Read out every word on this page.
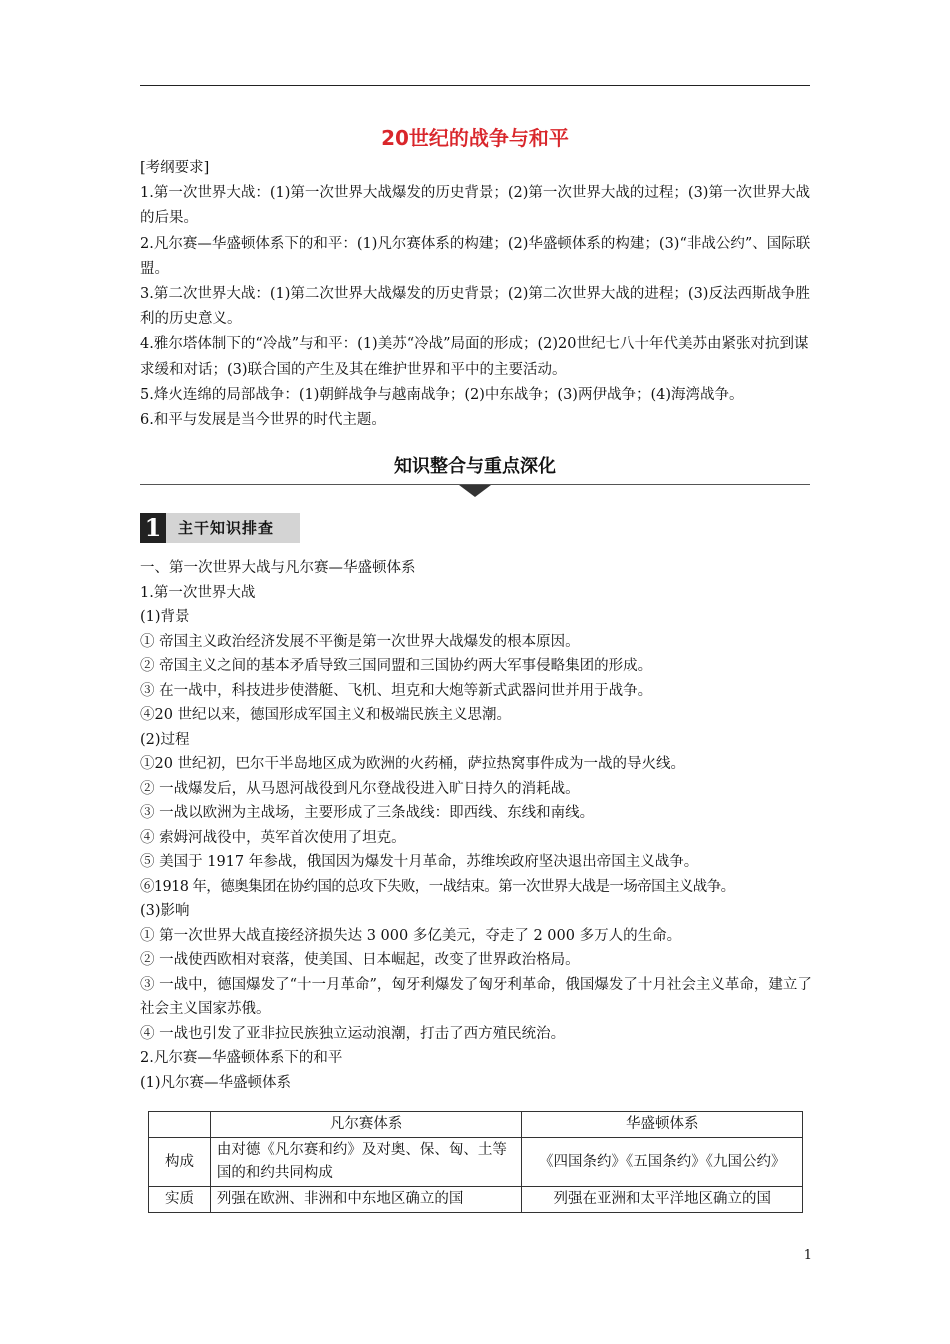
20世纪的战争与和平

[考纲要求]

1.第一次世界大战：(1)第一次世界大战爆发的历史背景；(2)第一次世界大战的过程；(3)第一次世界大战的后果。

2.凡尔赛—华盛顿体系下的和平：(1)凡尔赛体系的构建；(2)华盛顿体系的构建；(3)“非战公约”、国际联盟。

3.第二次世界大战：(1)第二次世界大战爆发的历史背景；(2)第二次世界大战的进程；(3)反法西斯战争胜利的历史意义。

4.雅尔塔体制下的“冷战”与和平：(1)美苏“冷战”局面的形成；(2)20世纪七八十年代美苏由紧张对抗到谋求缓和对话；(3)联合国的产生及其在维护世界和平中的主要活动。

5.烽火连绵的局部战争：(1)朝鲜战争与越南战争；(2)中东战争；(3)两伊战争；(4)海湾战争。

6.和平与发展是当今世界的时代主题。

知识整合与重点深化
1	主干知识排查

一、第一次世界大战与凡尔赛—华盛顿体系

1.第一次世界大战

(1)背景

① 帝国主义政治经济发展不平衡是第一次世界大战爆发的根本原因。

② 帝国主义之间的基本矛盾导致三国同盟和三国协约两大军事侵略集团的形成。

③ 在一战中，科技进步使潜艇、飞机、坦克和大炮等新式武器问世并用于战争。

④20 世纪以来，德国形成军国主义和极端民族主义思潮。

(2)过程

①20 世纪初，巴尔干半岛地区成为欧洲的火药桶，萨拉热窝事件成为一战的导火线。

② 一战爆发后，从马恩河战役到凡尔登战役进入旷日持久的消耗战。

③ 一战以欧洲为主战场，主要形成了三条战线：即西线、东线和南线。

④ 索姆河战役中，英军首次使用了坦克。

⑤ 美国于 1917 年参战，俄国因为爆发十月革命，苏维埃政府坚决退出帝国主义战争。

⑥1918 年，德奥集团在协约国的总攻下失败，一战结束。第一次世界大战是一场帝国主义战争。

(3)影响

① 第一次世界大战直接经济损失达 3 000 多亿美元，夺走了 2 000 多万人的生命。

② 一战使西欧相对衰落，使美国、日本崛起，改变了世界政治格局。

③ 一战中，德国爆发了“十一月革命”，匈牙利爆发了匈牙利革命，俄国爆发了十月社会主义革命，建立了社会主义国家苏俄。

④ 一战也引发了亚非拉民族独立运动浪潮，打击了西方殖民统治。

2.凡尔赛—华盛顿体系下的和平

(1)凡尔赛—华盛顿体系

	凡尔赛体系	华盛顿体系
构成	由对德《凡尔赛和约》及对奥、保、匈、土等国的和约共同构成	《四国条约》《五国条约》《九国公约》
实质	列强在欧洲、非洲和中东地区确立的国	列强在亚洲和太平洋地区确立的国
1
